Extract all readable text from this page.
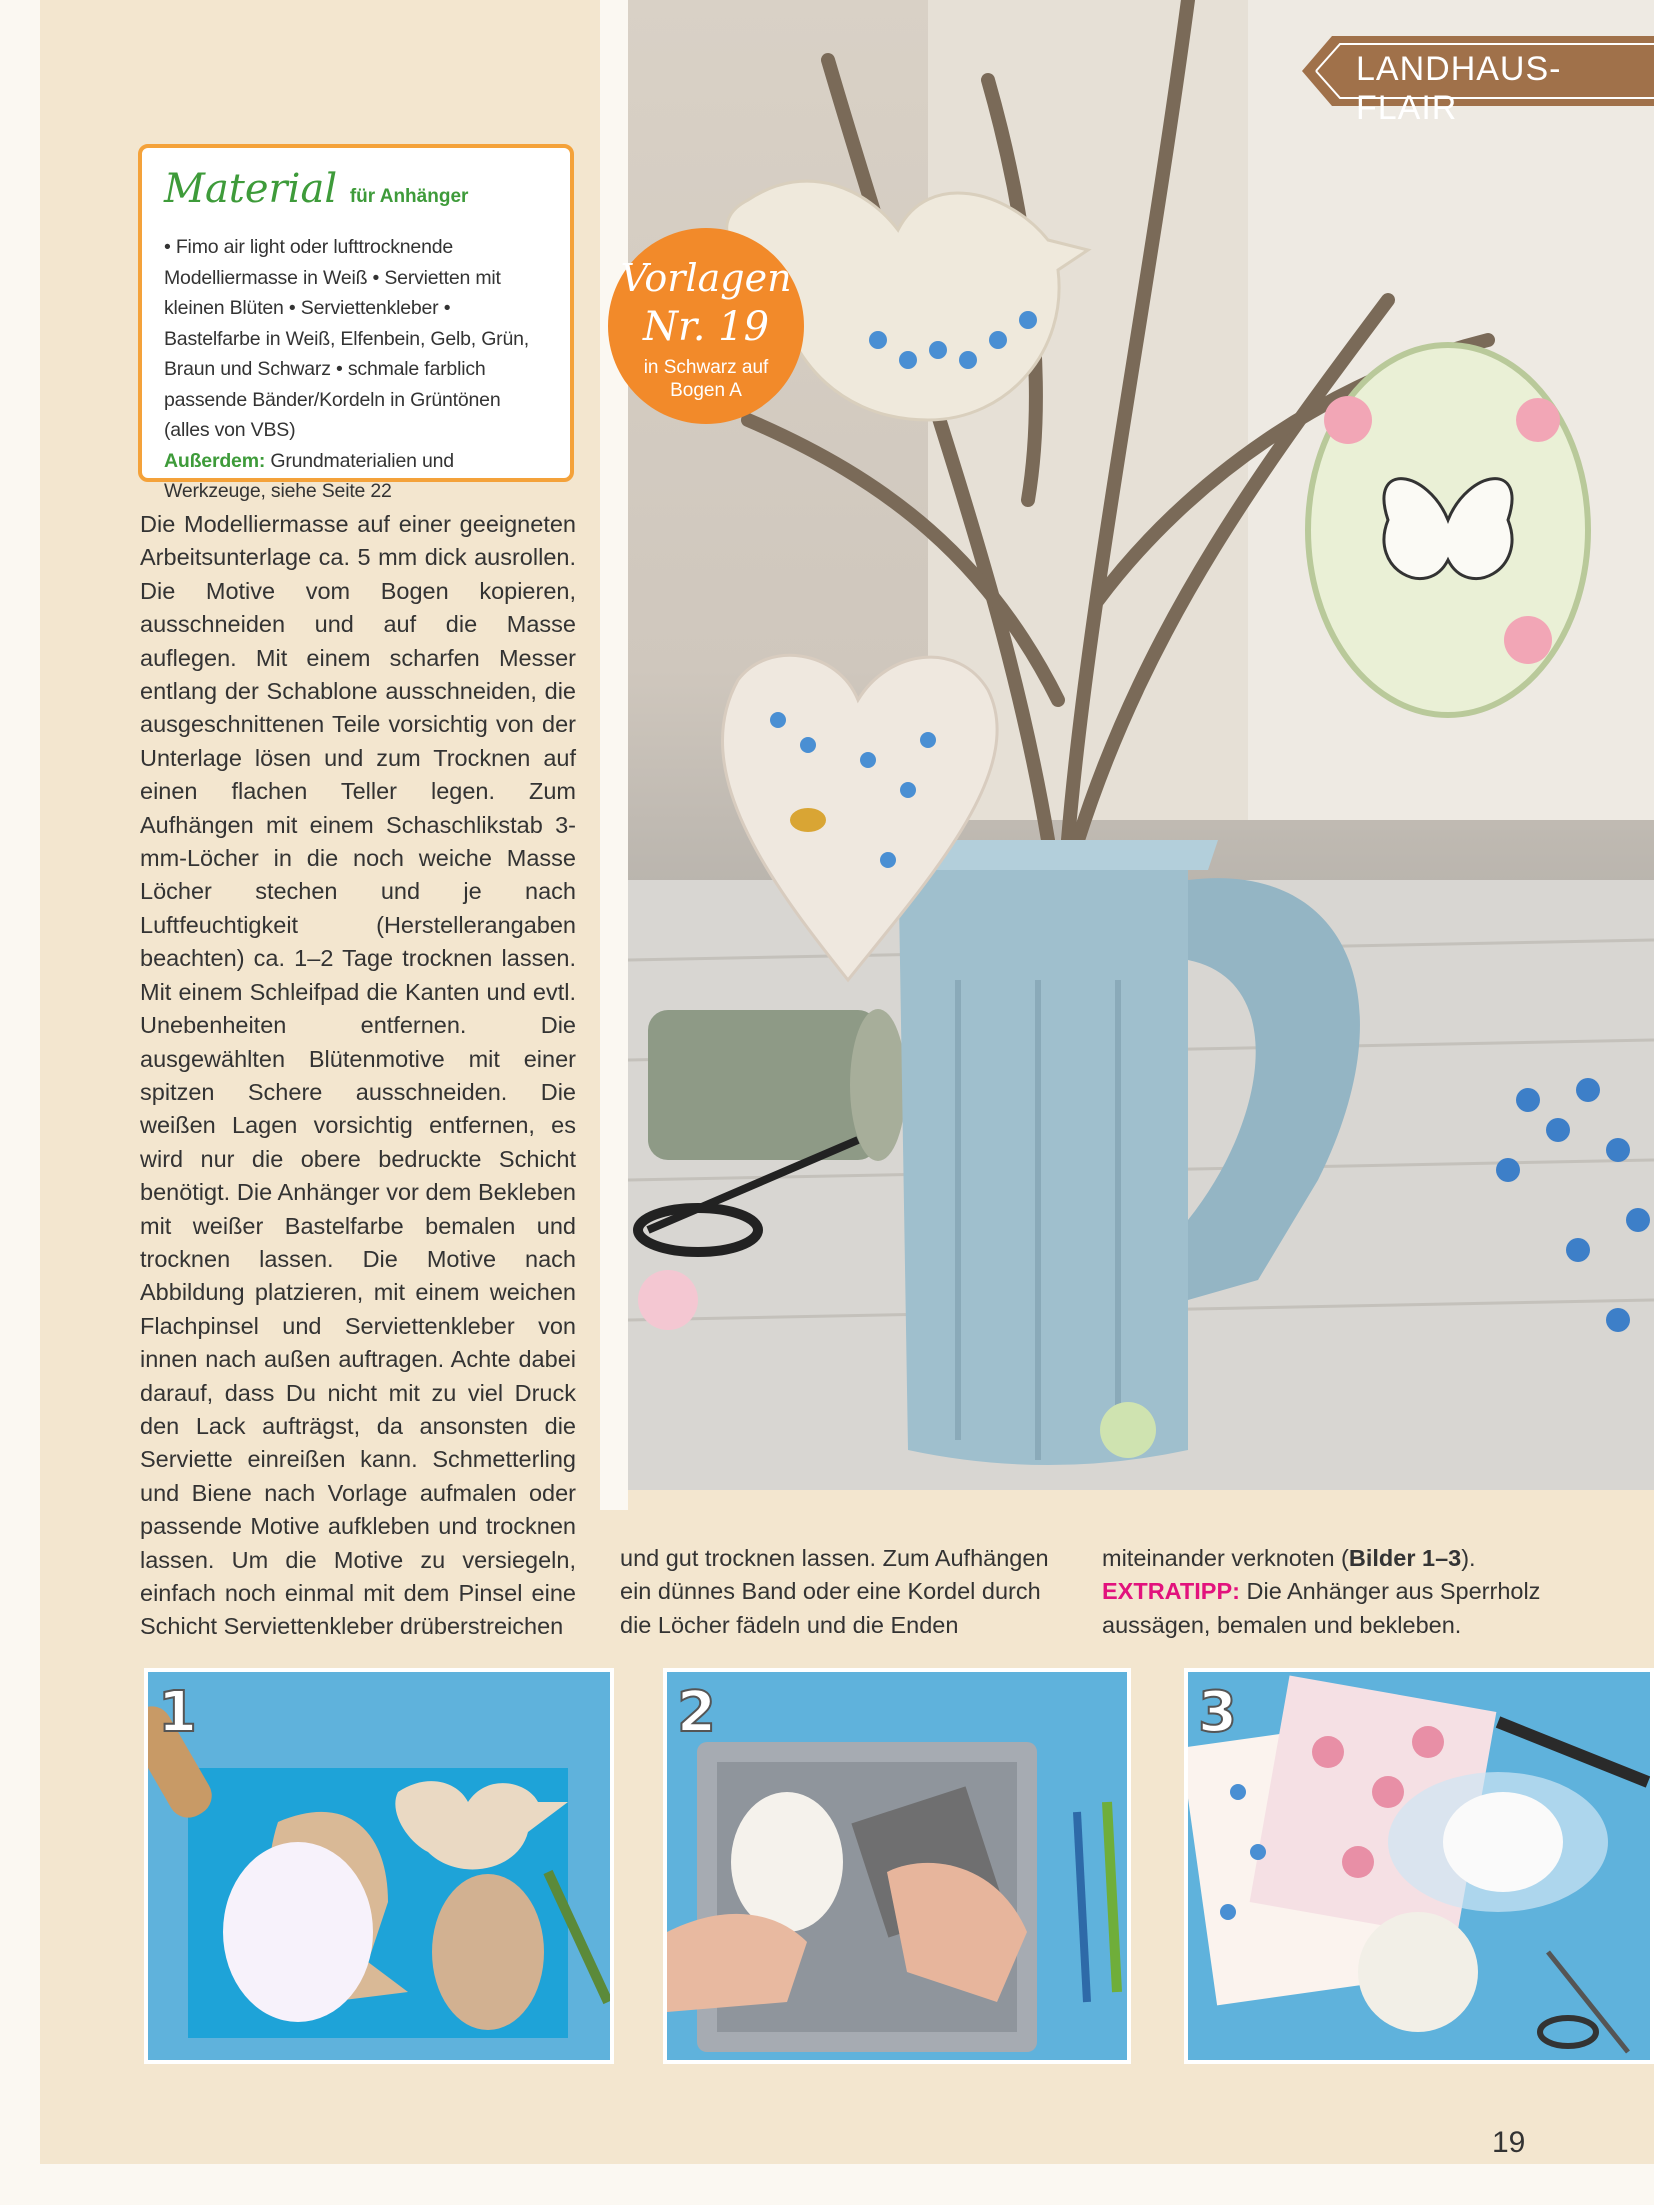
LANDHAUS-FLAIR
Material für Anhänger
• Fimo air light oder lufttrocknende Modelliermasse in Weiß • Servietten mit kleinen Blüten • Serviettenkleber • Bastelfarbe in Weiß, Elfenbein, Gelb, Grün, Braun und Schwarz • schmale farblich passende Bänder/Kordeln in Grüntönen (alles von VBS)
Außerdem: Grundmaterialien und Werkzeuge, siehe Seite 22
Vorlagen
Nr. 19
in Schwarz auf Bogen A
Die Modelliermasse auf einer geeigneten Arbeitsunterlage ca. 5 mm dick ausrollen. Die Motive vom Bogen kopieren, ausschneiden und auf die Masse auflegen. Mit einem scharfen Messer entlang der Schablone ausschneiden, die ausgeschnittenen Teile vorsichtig von der Unterlage lösen und zum Trocknen auf einen flachen Teller legen. Zum Aufhängen mit einem Schaschlikstab 3-mm-Löcher in die noch weiche Masse Löcher stechen und je nach Luftfeuchtigkeit (Herstellerangaben beachten) ca. 1–2 Tage trocknen lassen. Mit einem Schleifpad die Kanten und evtl. Unebenheiten entfernen. Die ausgewählten Blütenmotive mit einer spitzen Schere ausschneiden. Die weißen Lagen vorsichtig entfernen, es wird nur die obere bedruckte Schicht benötigt. Die Anhänger vor dem Bekleben mit weißer Bastelfarbe bemalen und trocknen lassen. Die Motive nach Abbildung platzieren, mit einem weichen Flachpinsel und Serviettenkleber von innen nach außen auftragen. Achte dabei darauf, dass Du nicht mit zu viel Druck den Lack aufträgst, da ansonsten die Serviette einreißen kann. Schmetterling und Biene nach Vorlage aufmalen oder passende Motive aufkleben und trocknen lassen. Um die Motive zu versiegeln, einfach noch einmal mit dem Pinsel eine Schicht Serviettenkleber drüberstreichen
und gut trocknen lassen. Zum Aufhängen ein dünnes Band oder eine Kordel durch die Löcher fädeln und die Enden
miteinander verknoten (Bilder 1–3).
EXTRATIPP: Die Anhänger aus Sperrholz aussägen, bemalen und bekleben.
1	2	3
19
